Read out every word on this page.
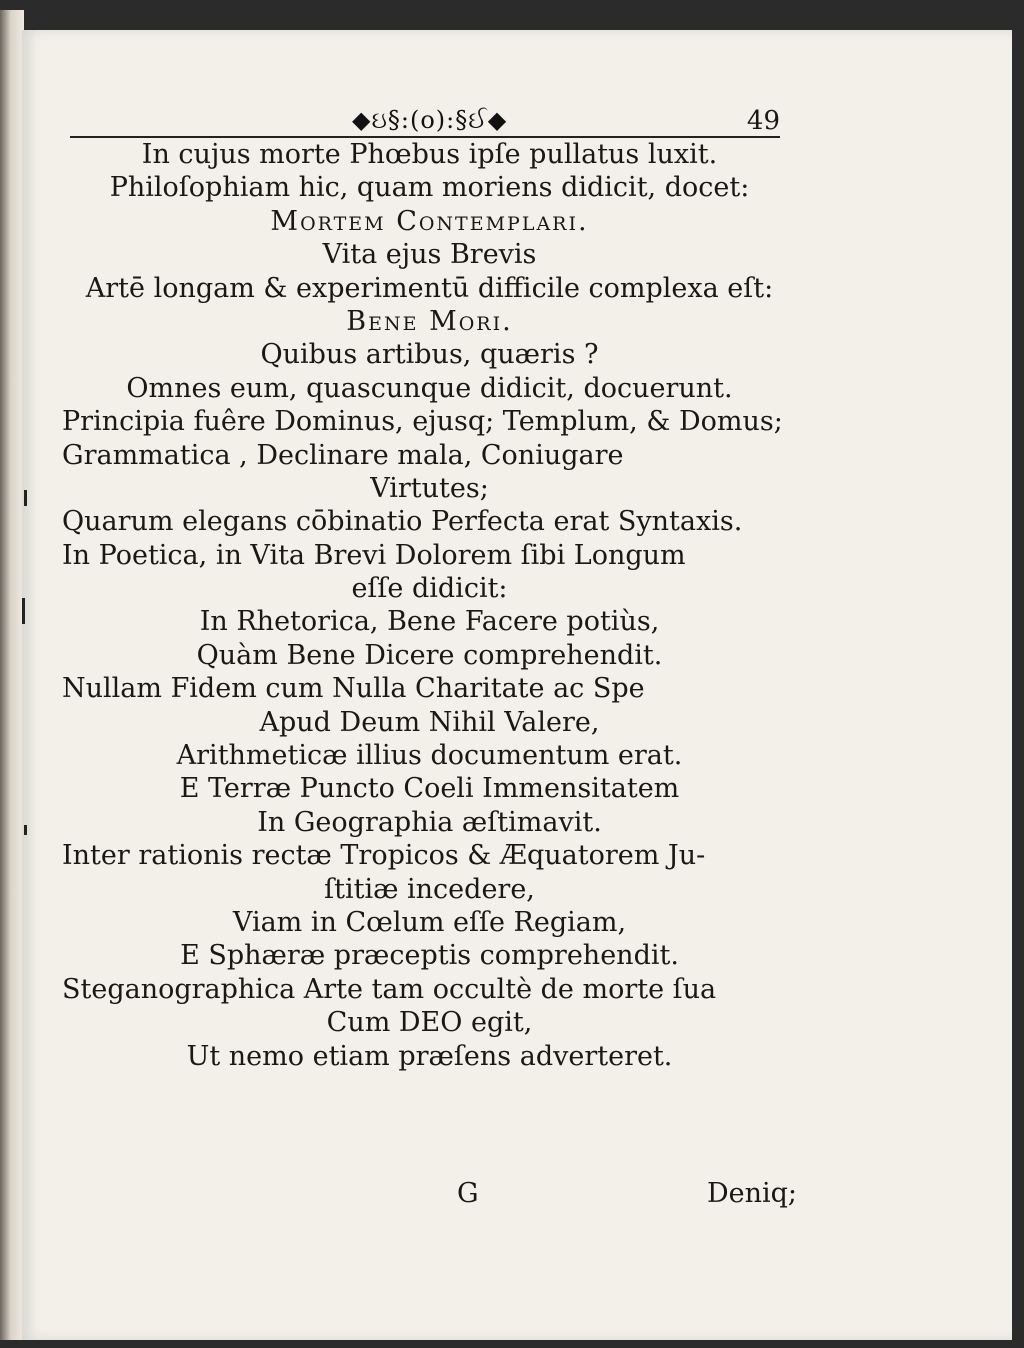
◆ઇ§:(o):§ઈ◆	49
In cujus morte Phœbus ipſe pullatus luxit.
Philoſophiam hic, quam moriens didicit, docet:
Mortem Contemplari.
Vita ejus Brevis
Artē longam & experimentū difficile complexa eſt:
Bene Mori.
Quibus artibus, quæris ?
Omnes eum, quascunque didicit, docuerunt.
Principia fuêre Dominus, ejusq; Templum, & Domus;
Grammatica , Declinare mala, Coniugare
Virtutes;
Quarum elegans cōbinatio Perfecta erat Syntaxis.
In Poetica, in Vita Brevi Dolorem ſibi Longum
eſſe didicit:
In Rhetorica, Bene Facere potiùs,
Quàm Bene Dicere comprehendit.
Nullam Fidem cum Nulla Charitate ac Spe
Apud Deum Nihil Valere,
Arithmeticæ illius documentum erat.
E Terræ Puncto Coeli Immensitatem
In Geographia æſtimavit.
Inter rationis rectæ Tropicos & Æquatorem Ju-
ſtitiæ incedere,
Viam in Cœlum eſſe Regiam,
E Sphæræ præceptis comprehendit.
Steganographica Arte tam occultè de morte ſua
Cum DEO egit,
Ut nemo etiam præſens adverteret.
G	Deniq;
